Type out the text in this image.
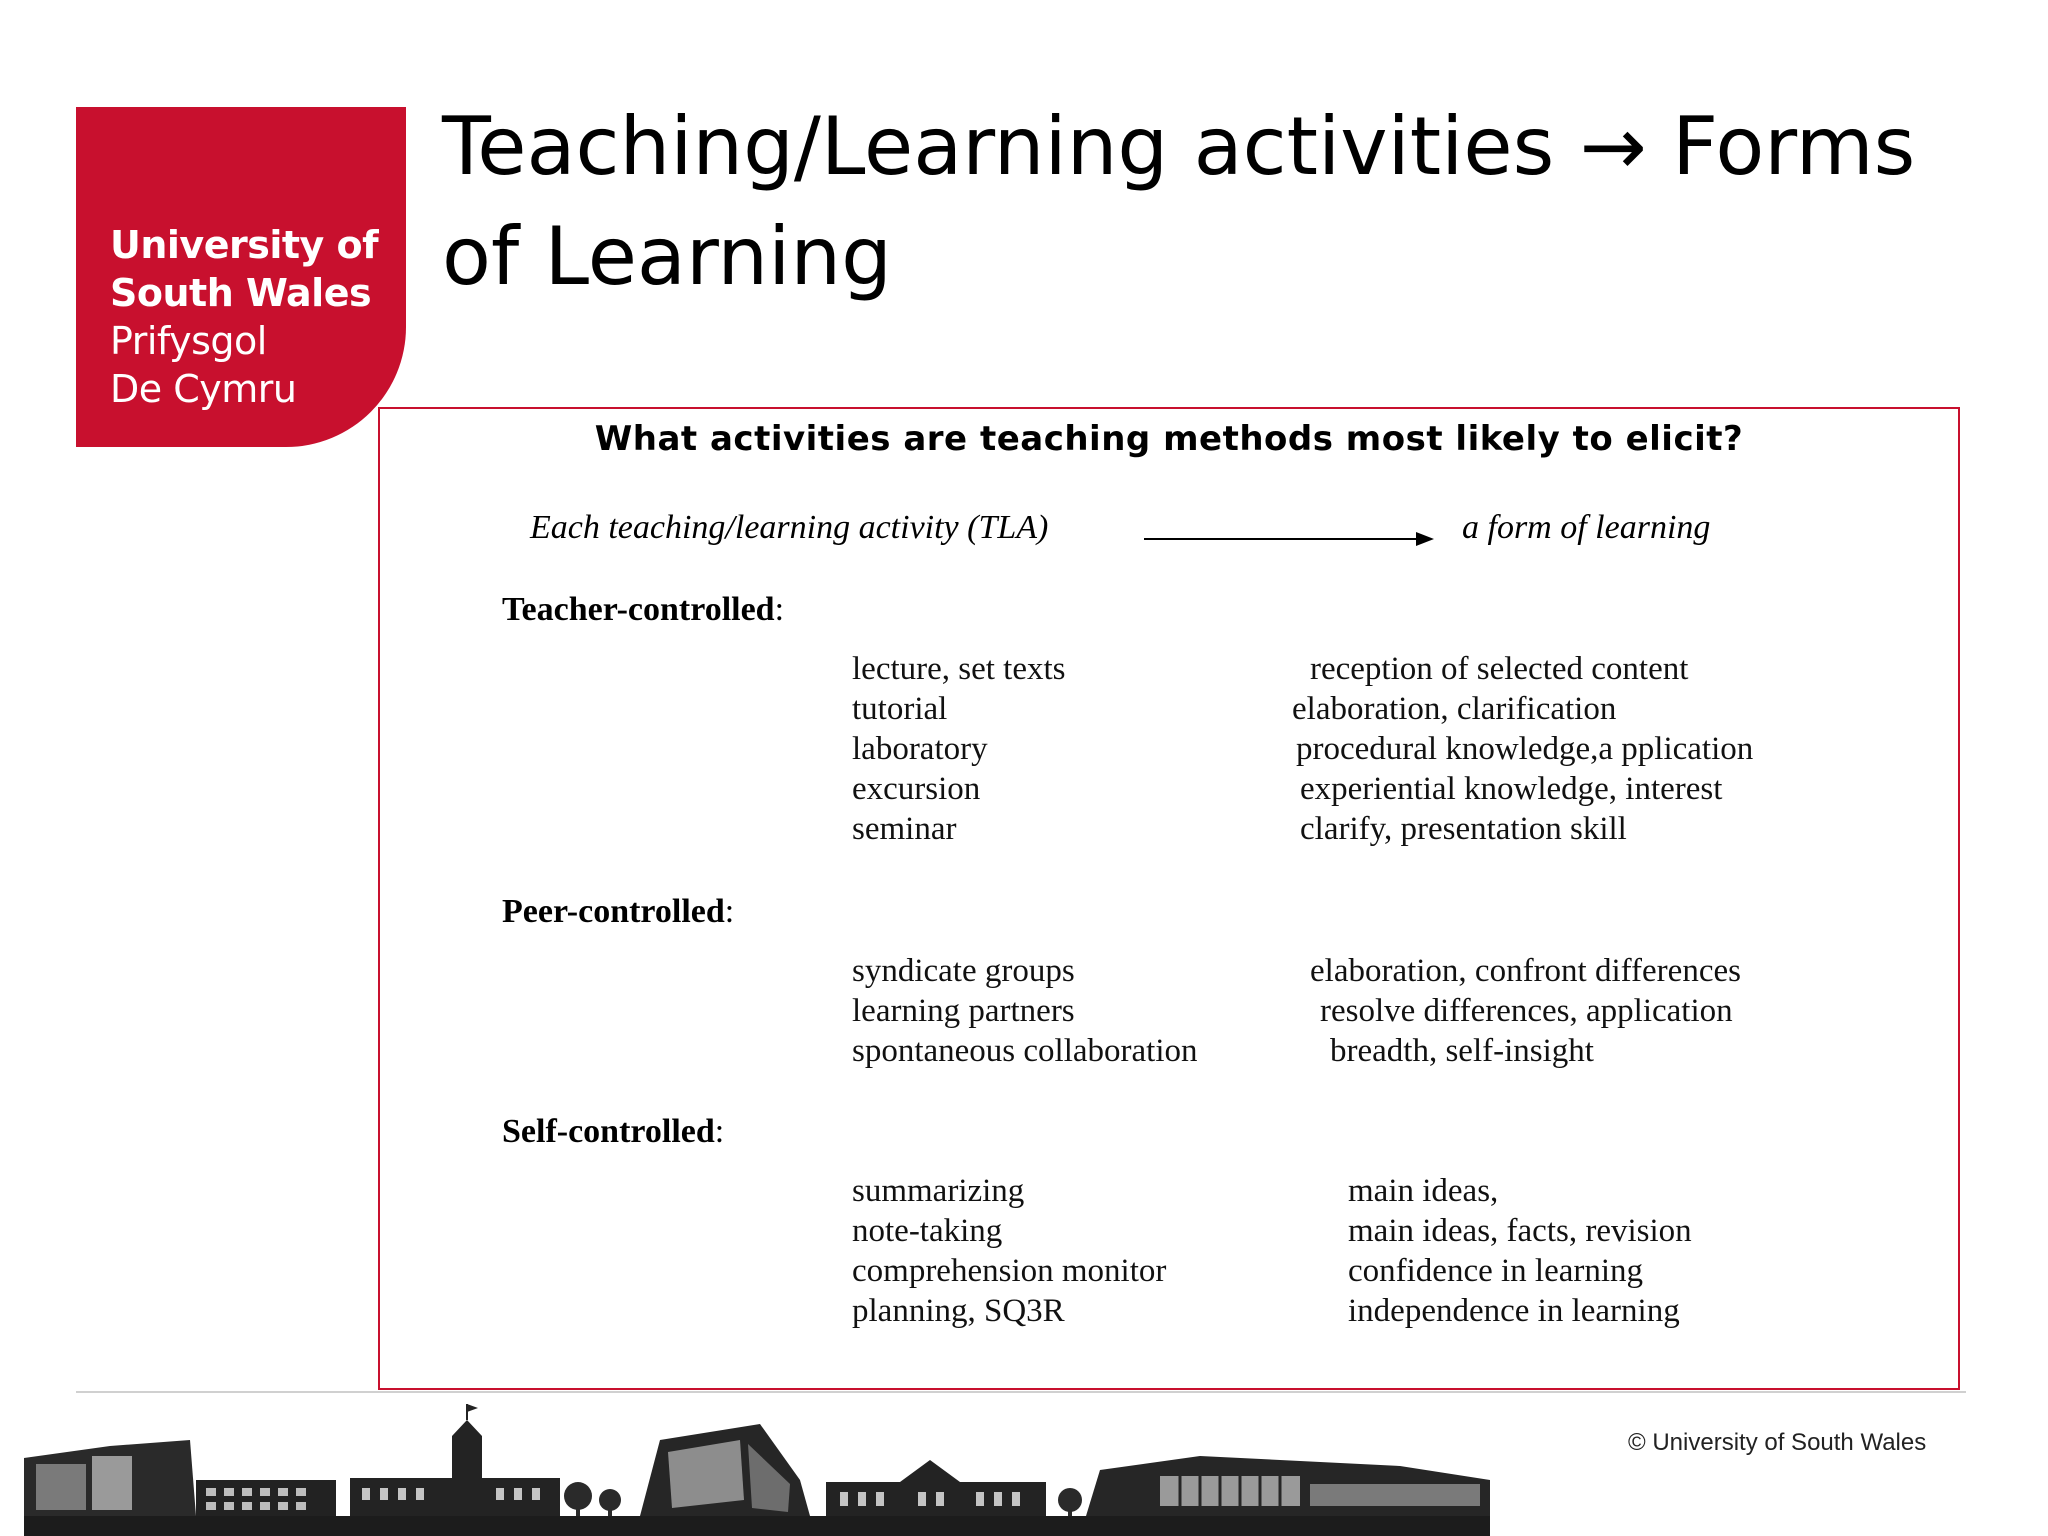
University of
South Wales
Prifysgol
De Cymru
Teaching/Learning activities → Forms of Learning
What activities are teaching methods most likely to elicit?
Each teaching/learning activity (TLA)	a form of learning
Teacher-controlled:
lecture, set texts
tutorial
laboratory
excursion
seminar
reception of selected content
elaboration, clarification
procedural knowledge,a pplication
experiential knowledge, interest
clarify, presentation skill
Peer-controlled:
syndicate groups
learning partners
spontaneous collaboration
elaboration, confront differences
resolve differences, application
breadth, self-insight
Self-controlled:
summarizing
note-taking
comprehension monitor
planning, SQ3R
main ideas,
main ideas, facts, revision
confidence in learning
independence in learning
© University of South Wales
